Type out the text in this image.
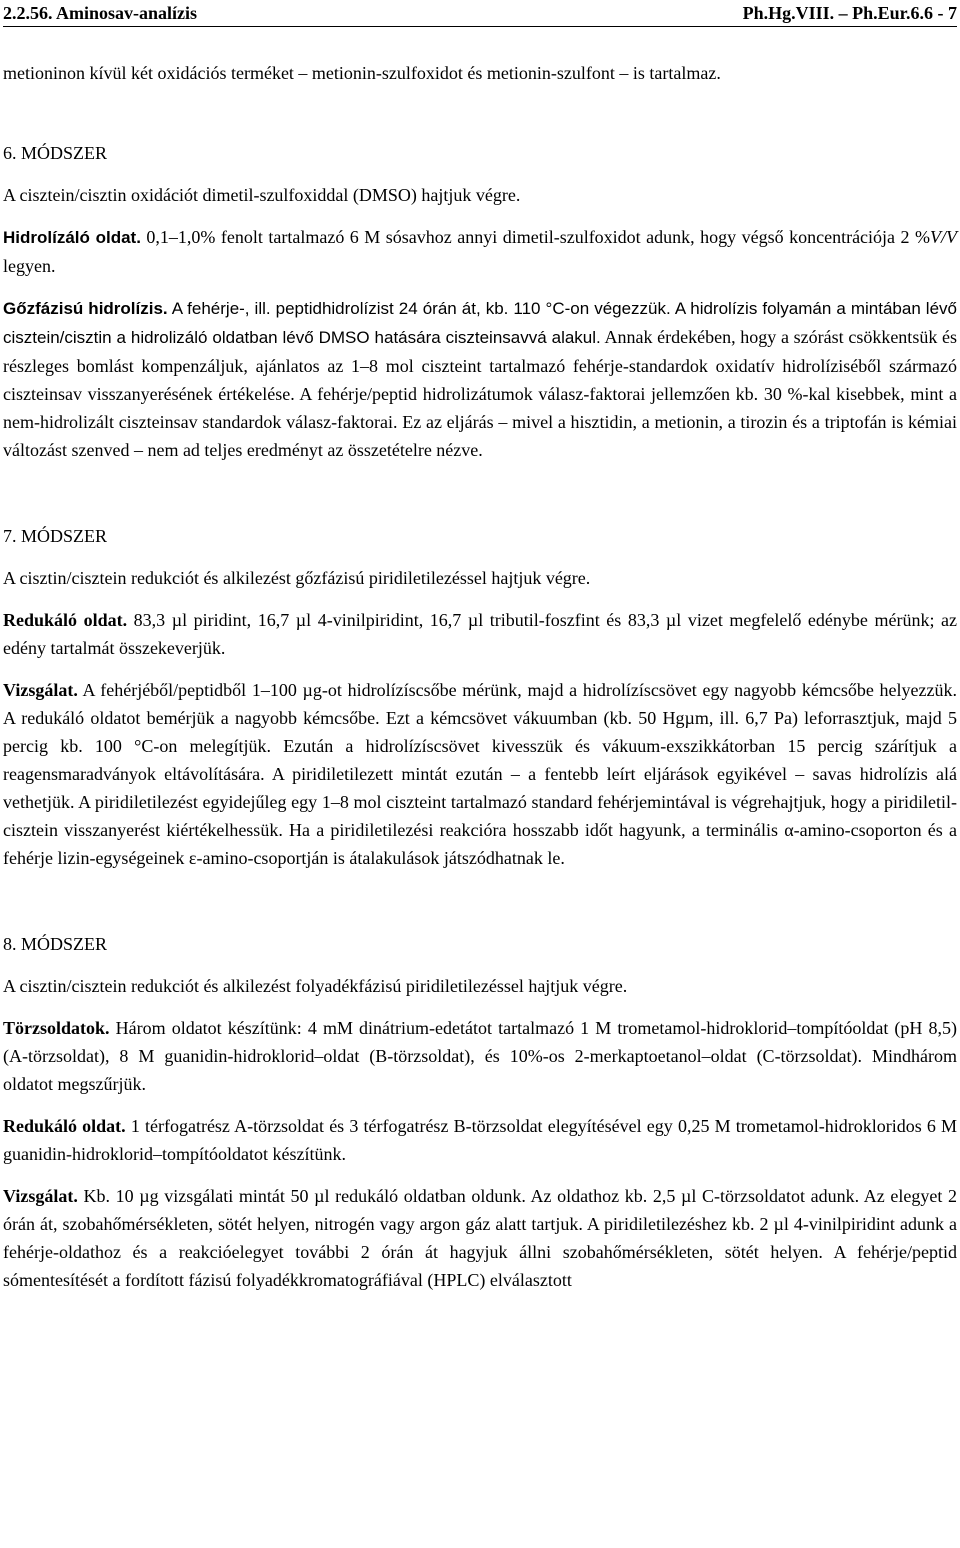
2.2.56. Aminosav-analízis	Ph.Hg.VIII. – Ph.Eur.6.6 - 7

metioninon kívül két oxidációs terméket – metionin-szulfoxidot és metionin-szulfont – is tartalmaz.

6. MÓDSZER

A cisztein/cisztin oxidációt dimetil-szulfoxiddal (DMSO) hajtjuk végre.

Hidrolízáló oldat. 0,1–1,0% fenolt tartalmazó 6 M sósavhoz annyi dimetil-szulfoxidot adunk, hogy végső koncentrációja 2 %V/V legyen.

Gőzfázisú hidrolízis. A fehérje-, ill. peptidhidrolízist 24 órán át, kb. 110 °C-on végezzük. A hidrolízis folyamán a mintában lévő cisztein/cisztin a hidrolizáló oldatban lévő DMSO hatására ciszteinsavvá alakul. Annak érdekében, hogy a szórást csökkentsük és részleges bomlást kompenzáljuk, ajánlatos az 1–8 mol ciszteint tartalmazó fehérje-standardok oxidatív hidrolíziséből származó ciszteinsav visszanyerésének értékelése. A fehérje/peptid hidrolizátumok válasz-faktorai jellemzően kb. 30 %-kal kisebbek, mint a nem-hidrolizált ciszteinsav standardok válasz-faktorai. Ez az eljárás – mivel a hisztidin, a metionin, a tirozin és a triptofán is kémiai változást szenved – nem ad teljes eredményt az összetételre nézve.

7. MÓDSZER

A cisztin/cisztein redukciót és alkilezést gőzfázisú piridiletilezéssel hajtjuk végre.

Redukáló oldat. 83,3 µl piridint, 16,7 µl 4-vinilpiridint, 16,7 µl tributil-foszfint és 83,3 µl vizet megfelelő edénybe mérünk; az edény tartalmát összekeverjük.

Vizsgálat. A fehérjéből/peptidből 1–100 µg-ot hidrolízíscsőbe mérünk, majd a hidrolízíscsövet egy nagyobb kémcsőbe helyezzük. A redukáló oldatot bemérjük a nagyobb kémcsőbe. Ezt a kémcsövet vákuumban (kb. 50 Hgµm, ill. 6,7 Pa) leforrasztjuk, majd 5 percig kb. 100 °C-on melegítjük. Ezután a hidrolízíscsövet kivesszük és vákuum-exszikkátorban 15 percig szárítjuk a reagensmaradványok eltávolítására. A piridiletilezett mintát ezután – a fentebb leírt eljárások egyikével – savas hidrolízis alá vethetjük. A piridiletilezést egyidejűleg egy 1–8 mol ciszteint tartalmazó standard fehérjemintával is végrehajtjuk, hogy a piridiletil-cisztein visszanyerést kiértékelhessük. Ha a piridiletilezési reakcióra hosszabb időt hagyunk, a terminális α-amino-csoporton és a fehérje lizin-egységeinek ε-amino-csoportján is átalakulások játszódhatnak le.

8. MÓDSZER

A cisztin/cisztein redukciót és alkilezést folyadékfázisú piridiletilezéssel hajtjuk végre.

Törzsoldatok. Három oldatot készítünk: 4 mM dinátrium-edetátot tartalmazó 1 M trometamol-hidroklorid–tompítóoldat (pH 8,5) (A-törzsoldat), 8 M guanidin-hidroklorid–oldat (B-törzsoldat), és 10%-os 2-merkaptoetanol–oldat (C-törzsoldat). Mindhárom oldatot megszűrjük.

Redukáló oldat. 1 térfogatrész A-törzsoldat és 3 térfogatrész B-törzsoldat elegyítésével egy 0,25 M trometamol-hidrokloridos 6 M guanidin-hidroklorid–tompítóoldatot készítünk.

Vizsgálat. Kb. 10 µg vizsgálati mintát 50 µl redukáló oldatban oldunk. Az oldathoz kb. 2,5 µl C-törzsoldatot adunk. Az elegyet 2 órán át, szobahőmérsékleten, sötét helyen, nitrogén vagy argon gáz alatt tartjuk. A piridiletilezéshez kb. 2 µl 4-vinilpiridint adunk a fehérje-oldathoz és a reakcióelegyet további 2 órán át hagyjuk állni szobahőmérsékleten, sötét helyen. A fehérje/peptid sómentesítését a fordított fázisú folyadékkromatográfiával (HPLC) elválasztott
